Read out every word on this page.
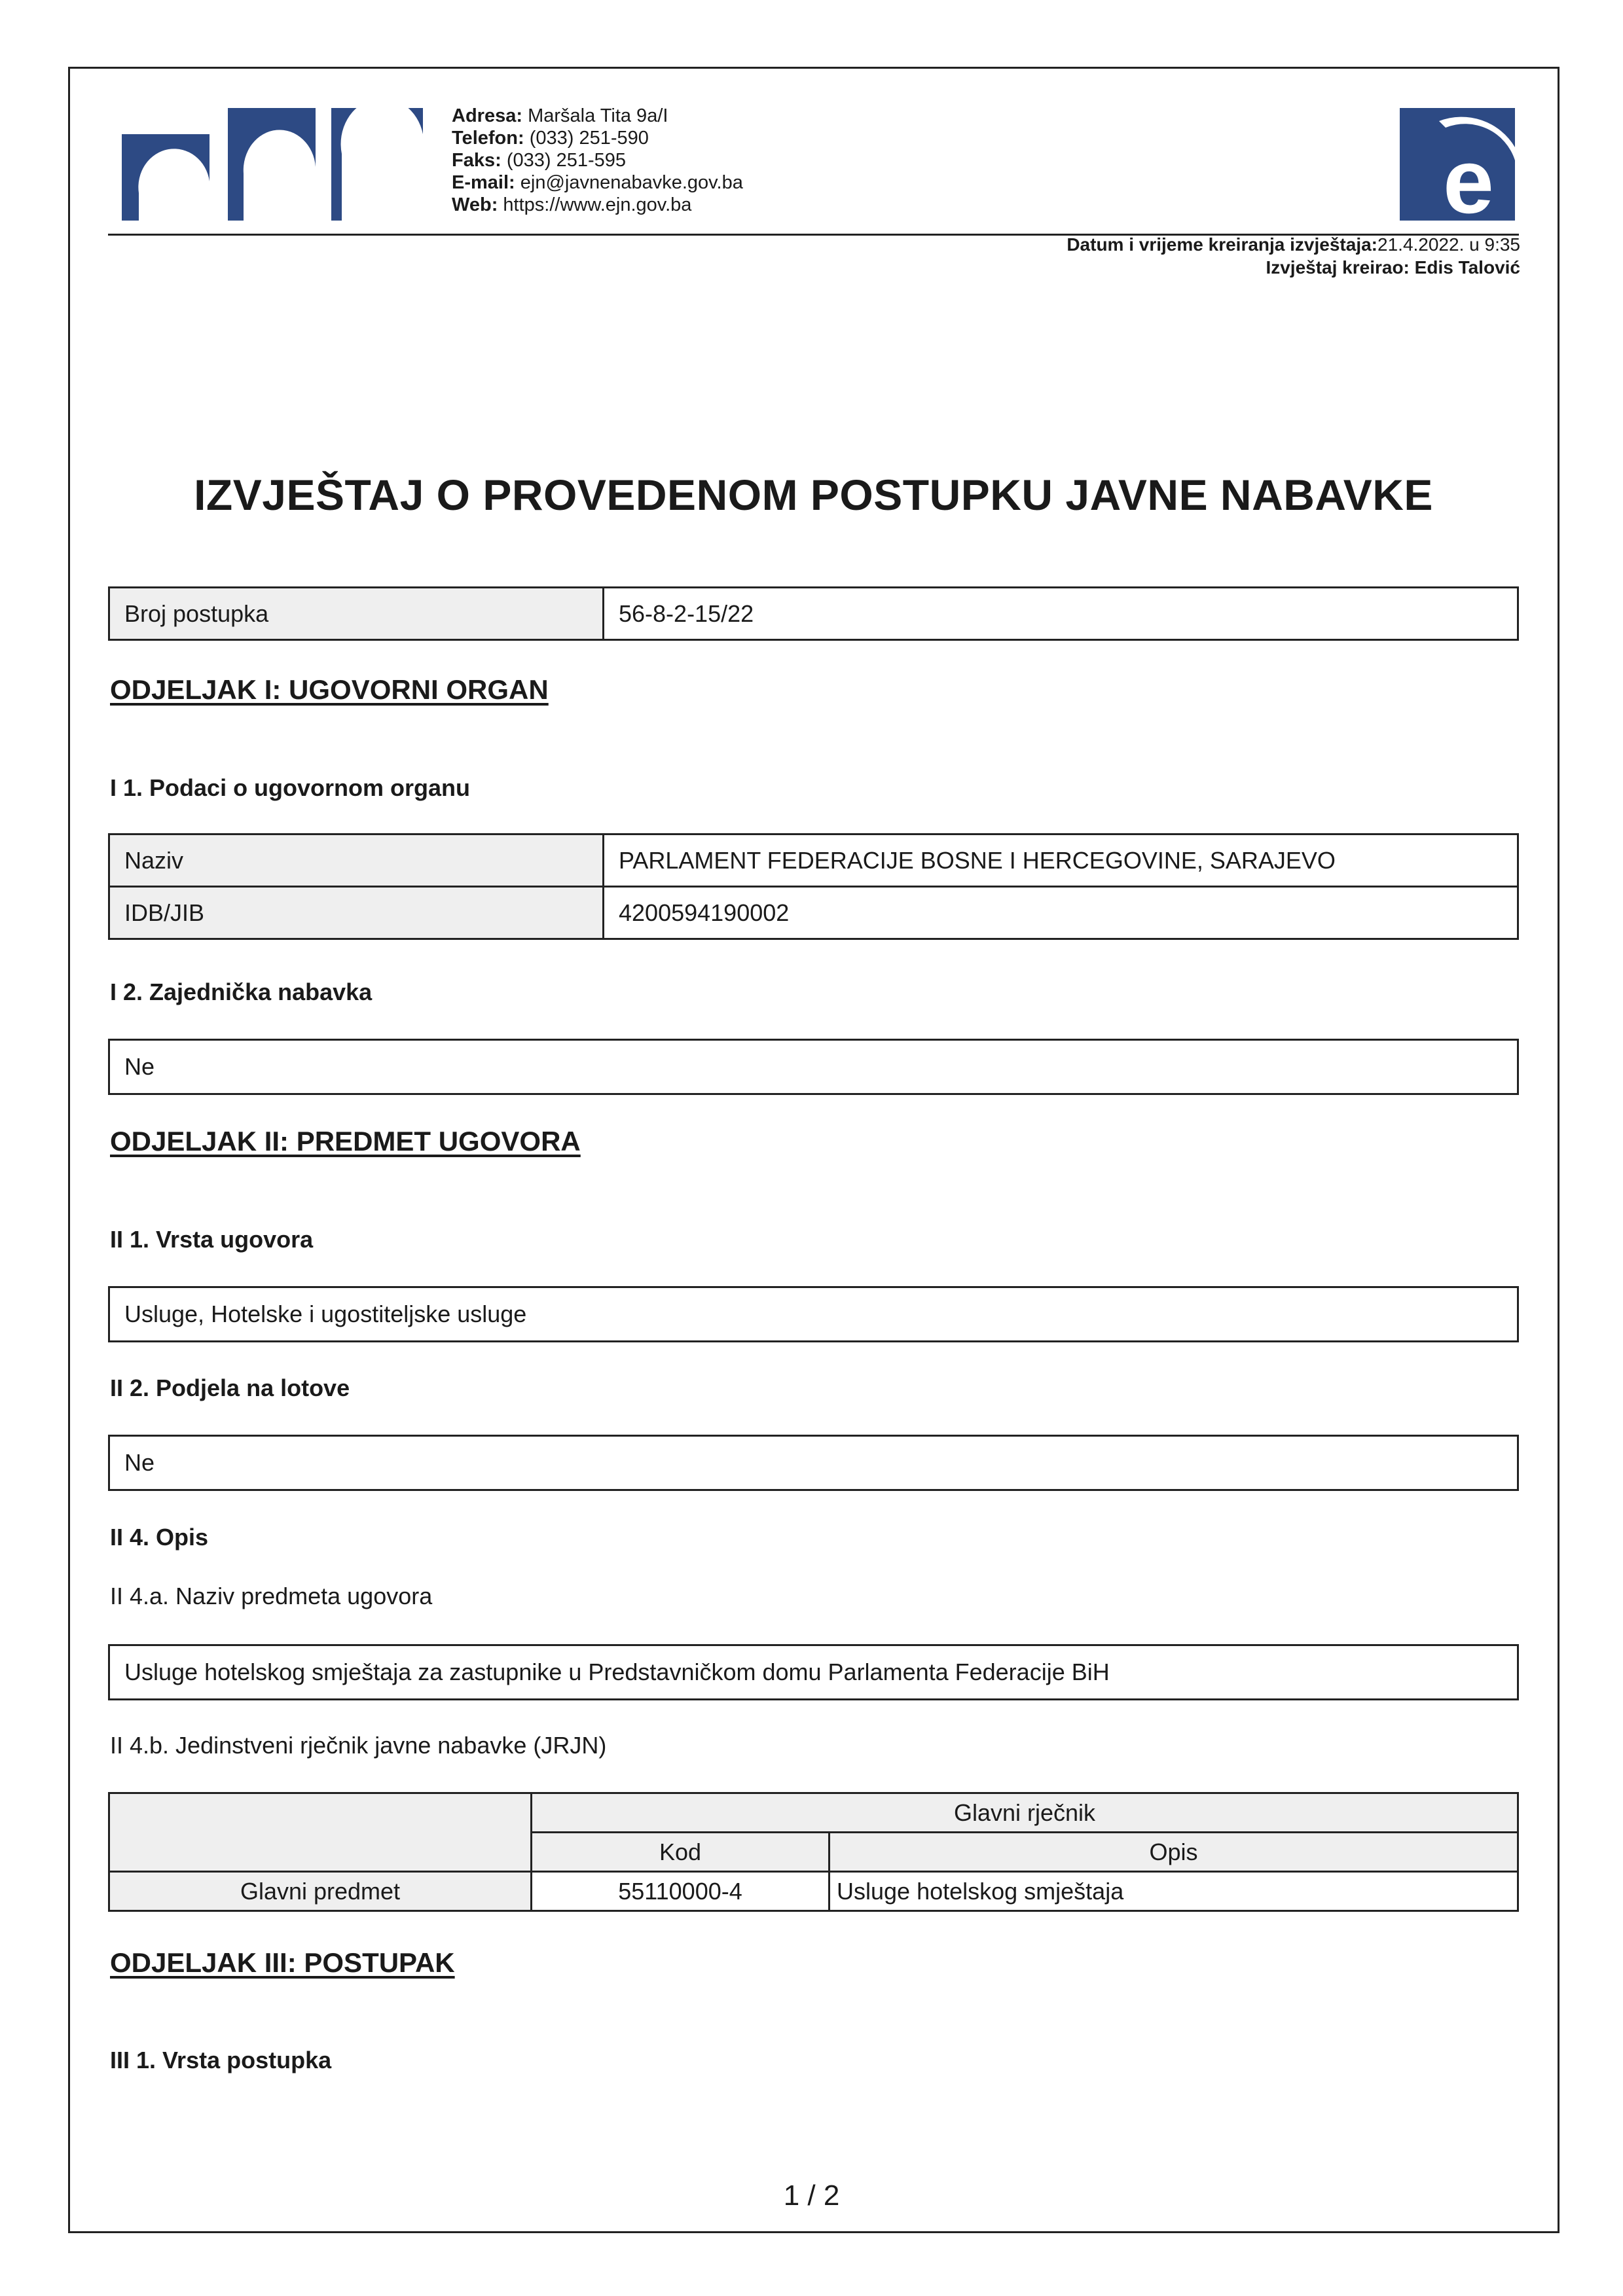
Adresa: Maršala Tita 9a/I
Telefon: (033) 251-590
Faks: (033) 251-595
E-mail: ejn@javnenabavke.gov.ba
Web: https://www.ejn.gov.ba	e
Datum i vrijeme kreiranja izvještaja:21.4.2022. u 9:35
Izvještaj kreirao: Edis Talović
IZVJEŠTAJ O PROVEDENOM POSTUPKU JAVNE NABAVKE
Broj postupka	56-8-2-15/22
ODJELJAK I: UGOVORNI ORGAN
I 1. Podaci o ugovornom organu
Naziv	PARLAMENT FEDERACIJE BOSNE I HERCEGOVINE, SARAJEVO
IDB/JIB	4200594190002
I 2. Zajednička nabavka
Ne
ODJELJAK II: PREDMET UGOVORA
II 1. Vrsta ugovora
Usluge, Hotelske i ugostiteljske usluge
II 2. Podjela na lotove
Ne
II 4. Opis
II 4.a. Naziv predmeta ugovora
Usluge hotelskog smještaja za zastupnike u Predstavničkom domu Parlamenta Federacije BiH
II 4.b. Jedinstveni rječnik javne nabavke (JRJN)
	Glavni rječnik	
	Kod	Opis
Glavni predmet	55110000-4	Usluge hotelskog smještaja
ODJELJAK III: POSTUPAK
III 1. Vrsta postupka
1 / 2
